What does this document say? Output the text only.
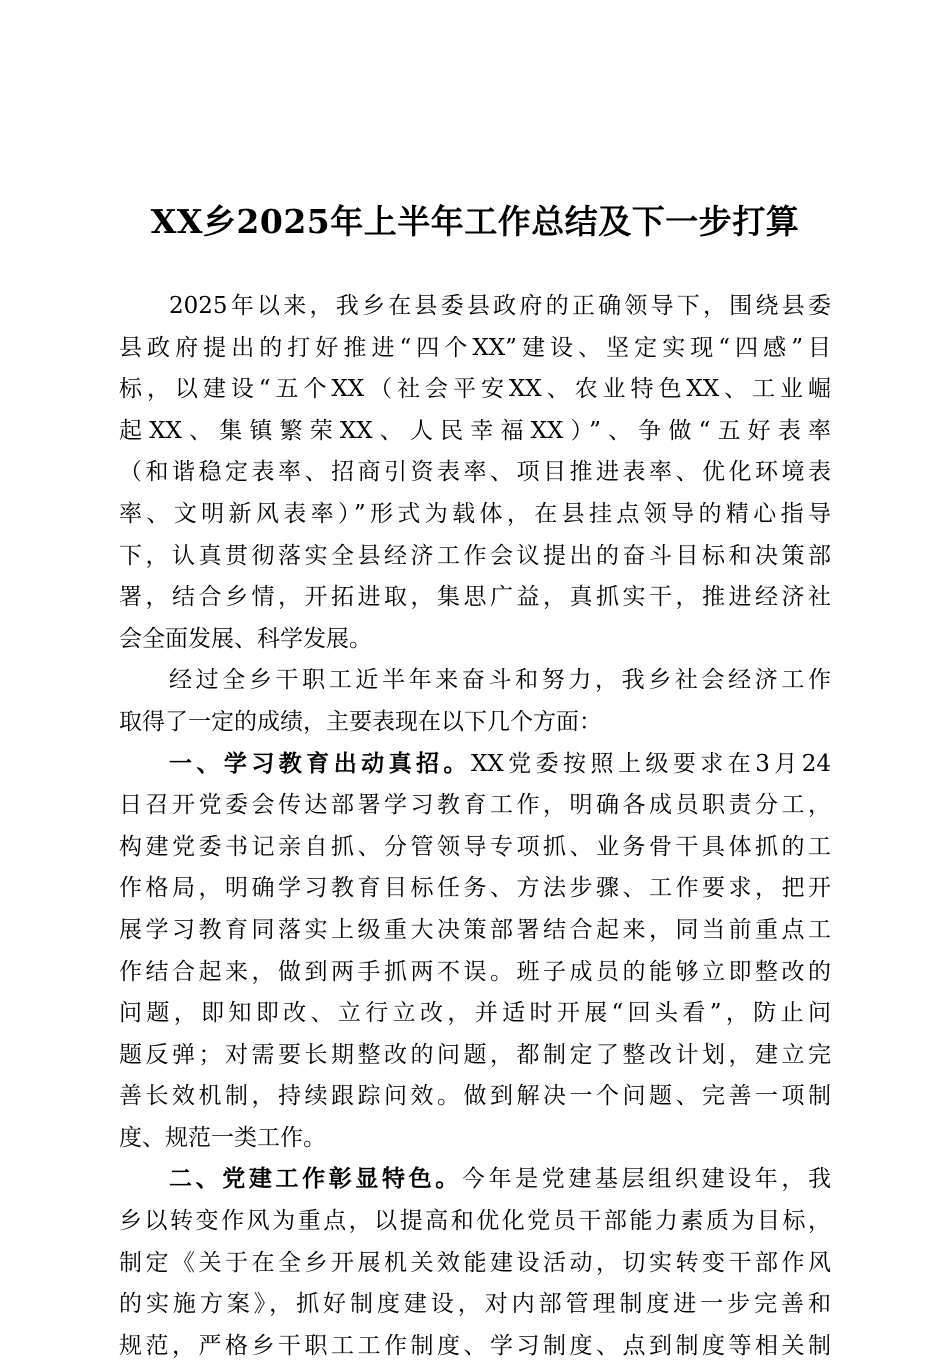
XX乡2025年上半年工作总结及下一步打算
2025年以来，我乡在县委县政府的正确领导下，围绕县委
县政府提出的打好推进“四个XX”建设、坚定实现“四感”目
标，以建设“五个XX（社会平安XX、农业特色XX、工业崛
起XX、集镇繁荣XX、人民幸福XX）”、争做“五好表率
（和谐稳定表率、招商引资表率、项目推进表率、优化环境表
率、文明新风表率）”形式为载体，在县挂点领导的精心指导
下，认真贯彻落实全县经济工作会议提出的奋斗目标和决策部
署，结合乡情，开拓进取，集思广益，真抓实干，推进经济社
会全面发展、科学发展。
经过全乡干职工近半年来奋斗和努力，我乡社会经济工作
取得了一定的成绩，主要表现在以下几个方面：
一、学习教育出动真招。XX党委按照上级要求在3月24
日召开党委会传达部署学习教育工作，明确各成员职责分工，
构建党委书记亲自抓、分管领导专项抓、业务骨干具体抓的工
作格局，明确学习教育目标任务、方法步骤、工作要求，把开
展学习教育同落实上级重大决策部署结合起来，同当前重点工
作结合起来，做到两手抓两不误。班子成员的能够立即整改的
问题，即知即改、立行立改，并适时开展“回头看”，防止问
题反弹；对需要长期整改的问题，都制定了整改计划，建立完
善长效机制，持续跟踪问效。做到解决一个问题、完善一项制
度、规范一类工作。
二、党建工作彰显特色。今年是党建基层组织建设年，我
乡以转变作风为重点，以提高和优化党员干部能力素质为目标，
制定《关于在全乡开展机关效能建设活动，切实转变干部作风
的实施方案》，抓好制度建设，对内部管理制度进一步完善和
规范，严格乡干职工工作制度、学习制度、点到制度等相关制
